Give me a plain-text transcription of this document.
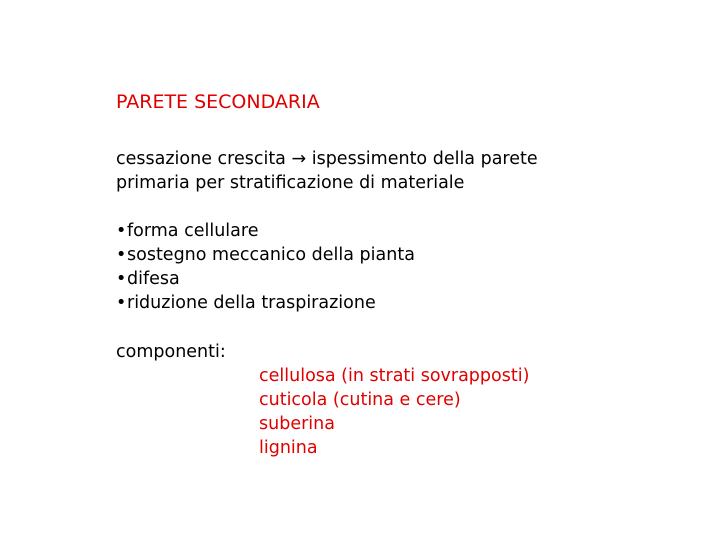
PARETE SECONDARIA
cessazione crescita → ispessimento della parete
primaria per stratificazione di materiale
•forma cellulare
•sostegno meccanico della pianta
•difesa
•riduzione della traspirazione
componenti:
cellulosa (in strati sovrapposti)
cuticola (cutina e cere)
suberina
lignina
